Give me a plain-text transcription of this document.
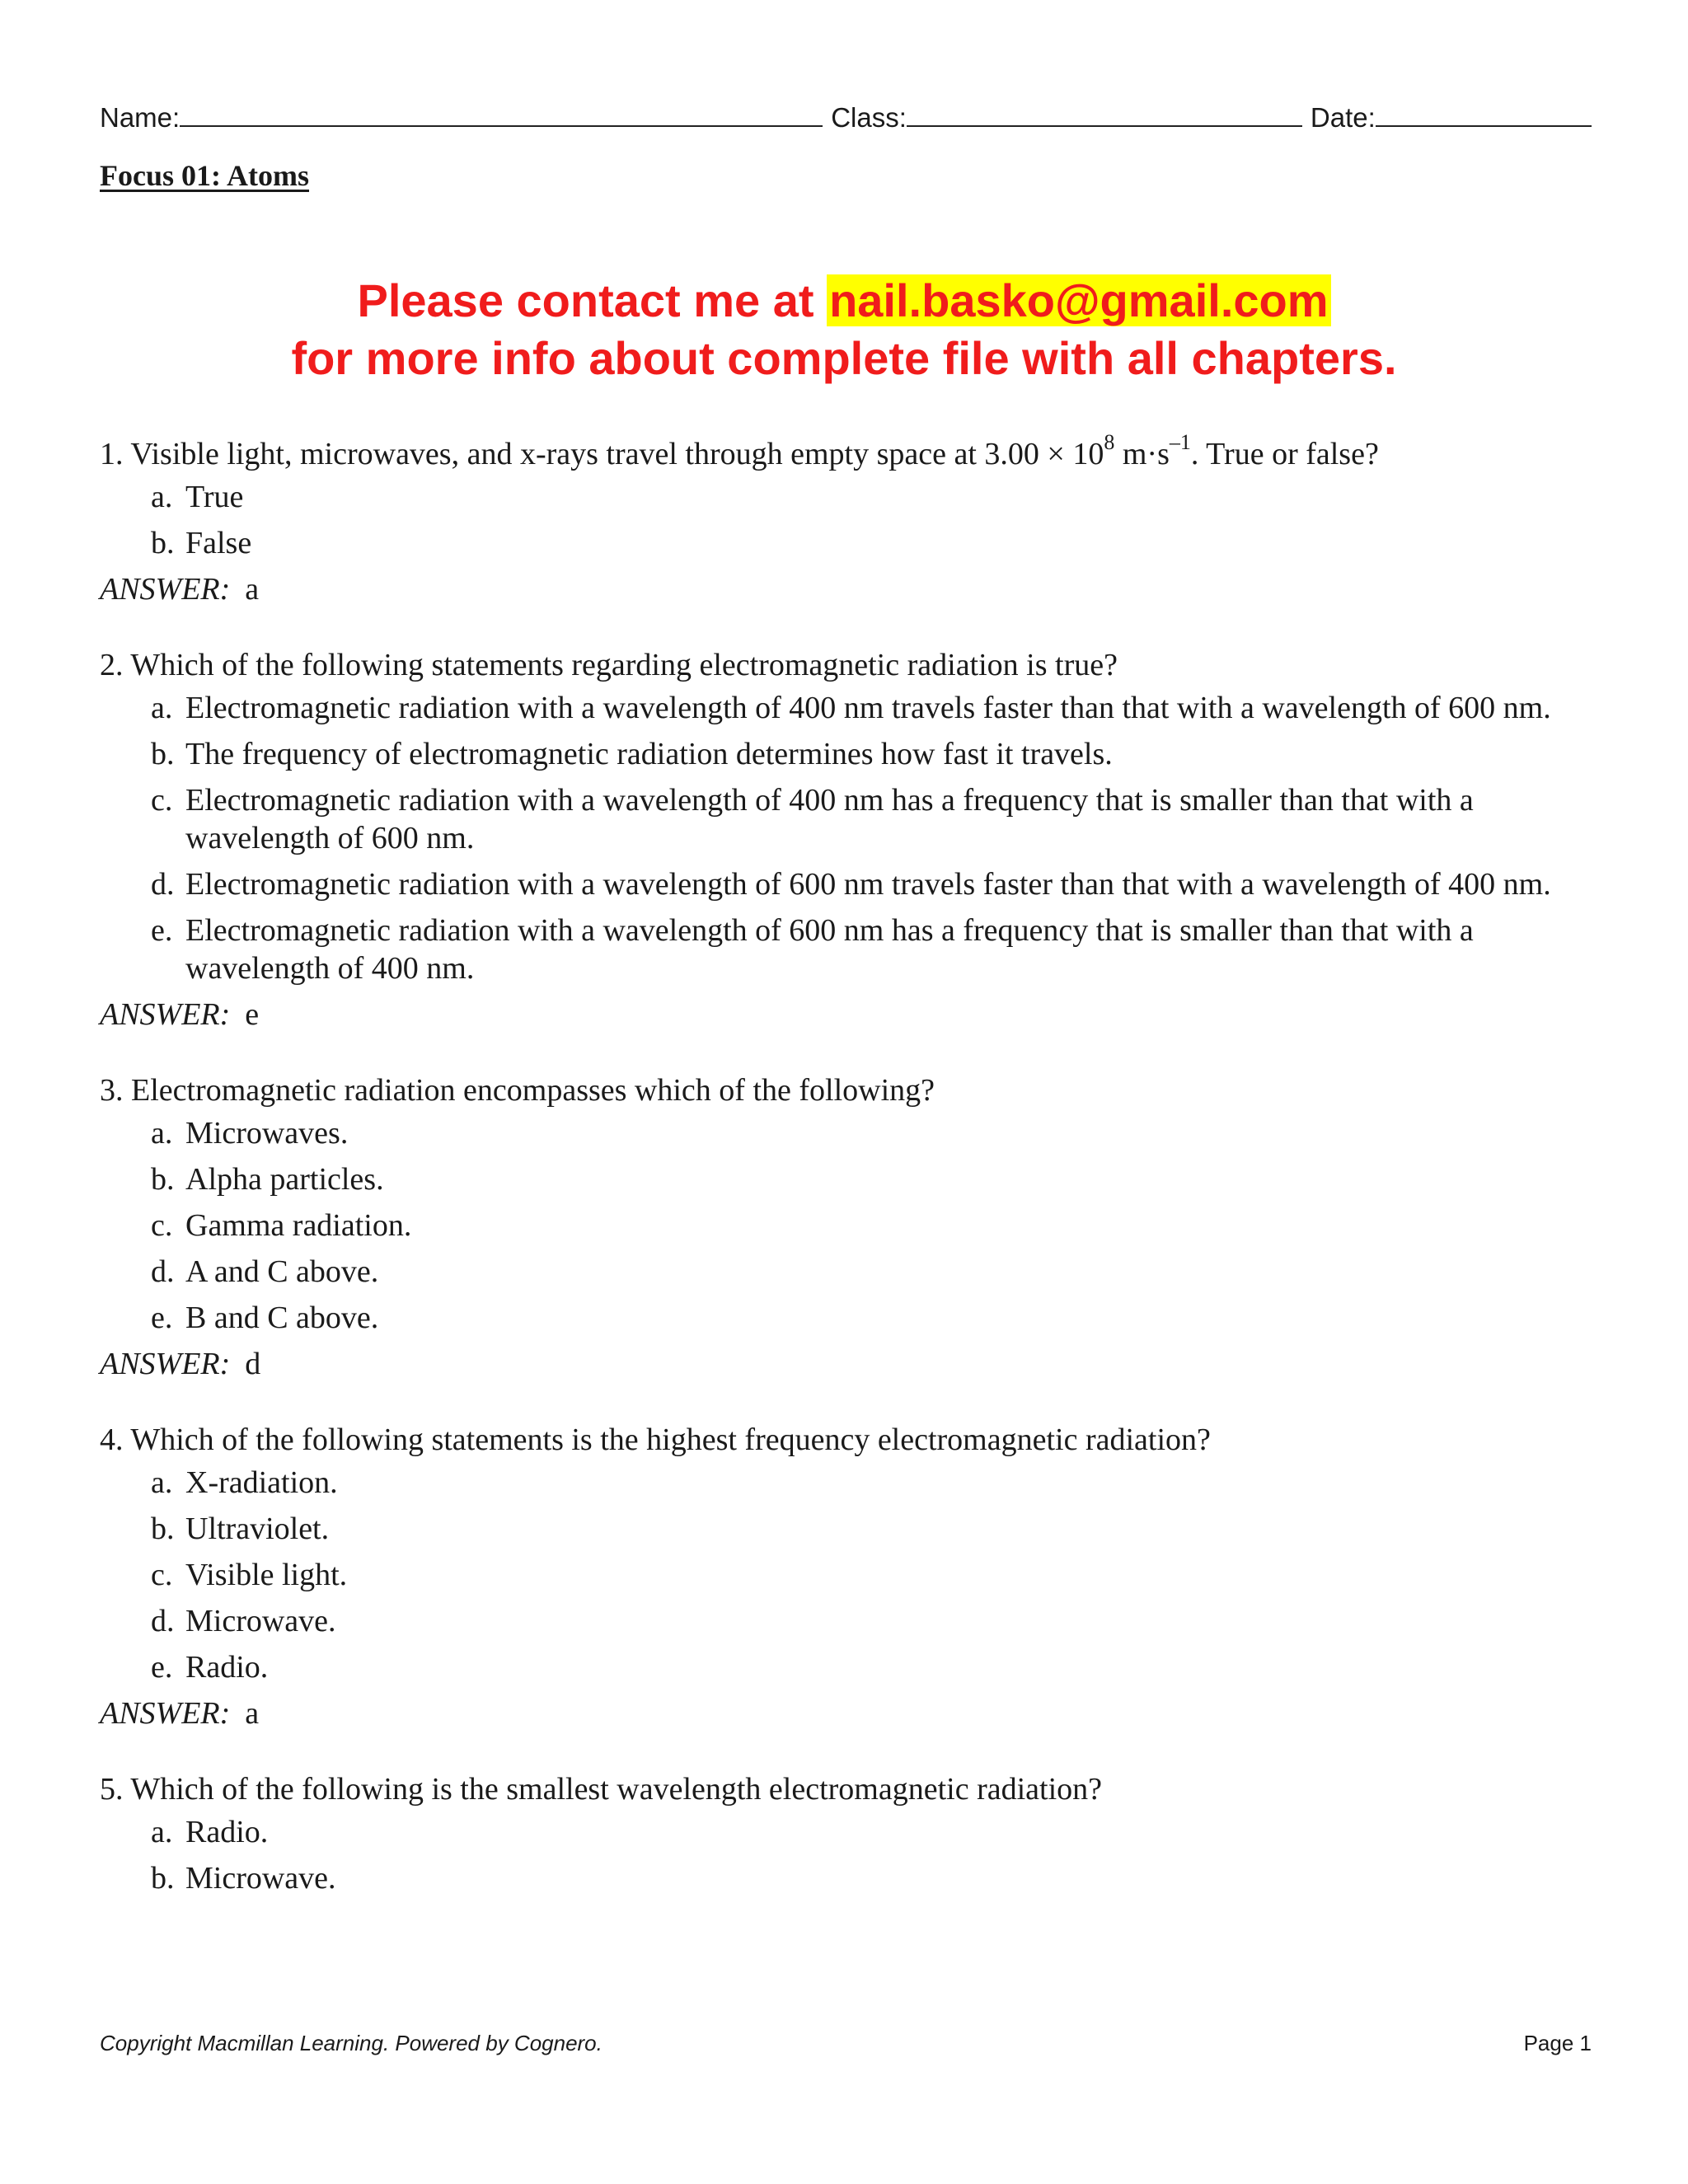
Name:	Class:	Date:
Focus 01: Atoms
Please contact me at nail.basko@gmail.com
for more info about complete file with all chapters.

1. Visible light, microwaves, and x-rays travel through empty space at $3.00 \times 10^8$ $m\cdot s^{-1}$. True or false?

a. True
b. False
ANSWER: a

2. Which of the following statements regarding electromagnetic radiation is true?

a. Electromagnetic radiation with a wavelength of 400 nm travels faster than that with a wavelength of 600 nm.
b. The frequency of electromagnetic radiation determines how fast it travels.
c. Electromagnetic radiation with a wavelength of 400 nm has a frequency that is smaller than that with a wavelength of 600 nm.
d. Electromagnetic radiation with a wavelength of 600 nm travels faster than that with a wavelength of 400 nm.
e. Electromagnetic radiation with a wavelength of 600 nm has a frequency that is smaller than that with a wavelength of 400 nm.
ANSWER: e

3. Electromagnetic radiation encompasses which of the following?

a. Microwaves.
b. Alpha particles.
c. Gamma radiation.
d. A and C above.
e. B and C above.
ANSWER: d

4. Which of the following statements is the highest frequency electromagnetic radiation?

a. X-radiation.
b. Ultraviolet.
c. Visible light.
d. Microwave.
e. Radio.
ANSWER: a

5. Which of the following is the smallest wavelength electromagnetic radiation?

a. Radio.
b. Microwave.
Copyright Macmillan Learning. Powered by Cognero.	Page 1
